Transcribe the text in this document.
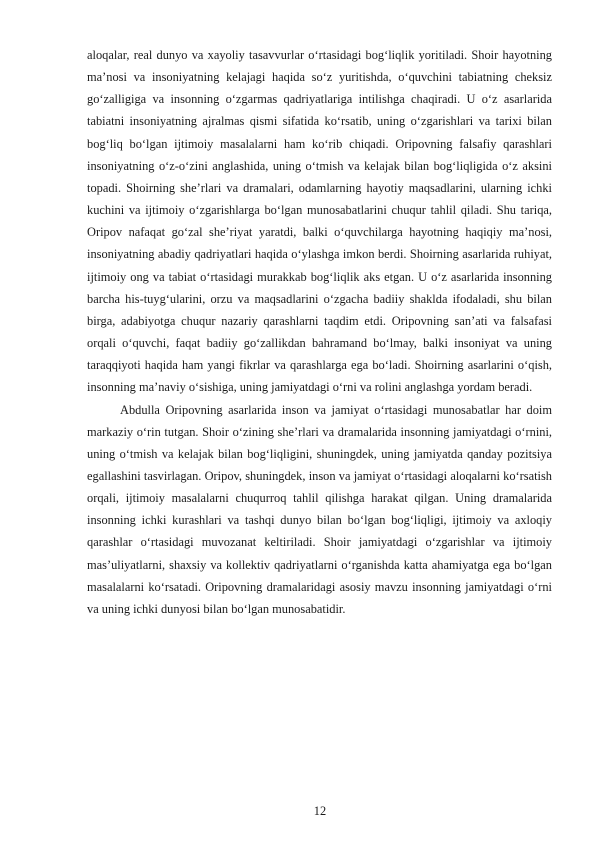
aloqalar, real dunyo va xayoliy tasavvurlar o‘rtasidagi bog‘liqlik yoritiladi. Shoir hayotning ma’nosi va insoniyatning kelajagi haqida so‘z yuritishda, o‘quvchini tabiatning cheksiz go‘zalligiga va insonning o‘zgarmas qadriyatlariga intilishga chaqiradi. U o‘z asarlarida tabiatni insoniyatning ajralmas qismi sifatida ko‘rsatib, uning o‘zgarishlari va tarixi bilan bog‘liq bo‘lgan ijtimoiy masalalarni ham ko‘rib chiqadi. Oripovning falsafiy qarashlari insoniyatning o‘z-o‘zini anglashida, uning o‘tmish va kelajak bilan bog‘liqligida o‘z aksini topadi. Shoirning she’rlari va dramalari, odamlarning hayotiy maqsadlarini, ularning ichki kuchini va ijtimoiy o‘zgarishlarga bo‘lgan munosabatlarini chuqur tahlil qiladi. Shu tariqa, Oripov nafaqat go‘zal she’riyat yaratdi, balki o‘quvchilarga hayotning haqiqiy ma’nosi, insoniyatning abadiy qadriyatlari haqida o‘ylashga imkon berdi. Shoirning asarlarida ruhiyat, ijtimoiy ong va tabiat o‘rtasidagi murakkab bog‘liqlik aks etgan. U o‘z asarlarida insonning barcha his-tuyg‘ularini, orzu va maqsadlarini o‘zgacha badiiy shaklda ifodaladi, shu bilan birga, adabiyotga chuqur nazariy qarashlarni taqdim etdi. Oripovning san’ati va falsafasi orqali o‘quvchi, faqat badiiy go‘zallikdan bahramand bo‘lmay, balki insoniyat va uning taraqqiyoti haqida ham yangi fikrlar va qarashlarga ega bo‘ladi. Shoirning asarlarini o‘qish, insonning ma’naviy o‘sishiga, uning jamiyatdagi o‘rni va rolini anglashga yordam beradi.

Abdulla Oripovning asarlarida inson va jamiyat o‘rtasidagi munosabatlar har doim markaziy o‘rin tutgan. Shoir o‘zining she’rlari va dramalarida insonning jamiyatdagi o‘rnini, uning o‘tmish va kelajak bilan bog‘liqligini, shuningdek, uning jamiyatda qanday pozitsiya egallashini tasvirlagan. Oripov, shuningdek, inson va jamiyat o‘rtasidagi aloqalarni ko‘rsatish orqali, ijtimoiy masalalarni chuqurroq tahlil qilishga harakat qilgan. Uning dramalarida insonning ichki kurashlari va tashqi dunyo bilan bo‘lgan bog‘liqligi, ijtimoiy va axloqiy qarashlar o‘rtasidagi muvozanat keltiriladi. Shoir jamiyatdagi o‘zgarishlar va ijtimoiy mas’uliyatlarni, shaxsiy va kollektiv qadriyatlarni o‘rganishda katta ahamiyatga ega bo‘lgan masalalarni ko‘rsatadi. Oripovning dramalaridagi asosiy mavzu insonning jamiyatdagi o‘rni va uning ichki dunyosi bilan bo‘lgan munosabatidir.

12
